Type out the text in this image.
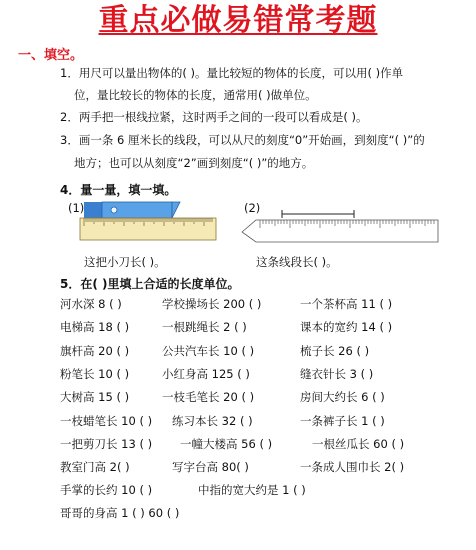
重点必做易错常考题
一、填空。
1．用尺可以量出物体的( )。量比较短的物体的长度，可以用( )作单
位，量比较长的物体的长度，通常用( )做单位。
2．两手把一根线拉紧，这时两手之间的一段可以看成是( )。
3．画一条 6 厘米长的线段，可以从尺的刻度“0”开始画，到刻度“( )”的
地方；也可以从刻度“2”画到刻度“( )”的地方。
4．量一量，填一填。
(1)
这把小刀长( )。
(2)
这条线段长( )。
5．在( )里填上合适的长度单位。
河水深 8 ( )	学校操场长 200 ( )	一个茶杯高 11 ( )
电梯高 18 ( )	一根跳绳长 2 ( )	课本的宽约 14 ( )
旗杆高 20 ( )	公共汽车长 10 ( )	梳子长 26 ( )
粉笔长 10 ( )	小红身高 125 ( )	缝衣针长 3 ( )
大树高 15 ( )	一枝毛笔长 20 ( )	房间大约长 6 ( )
一枝蜡笔长 10 ( ) 练习本长 32 ( )	一条裤子长 1 ( )
一把剪刀长 13 ( ) 一幢大楼高 56 ( )	一根丝瓜长 60 ( )
教室门高 2( )	写字台高 80( )	一条成人围巾长 2( )
手掌的长约 10 ( )	中指的宽大约是 1 ( )
哥哥的身高 1 ( ) 60 ( )
